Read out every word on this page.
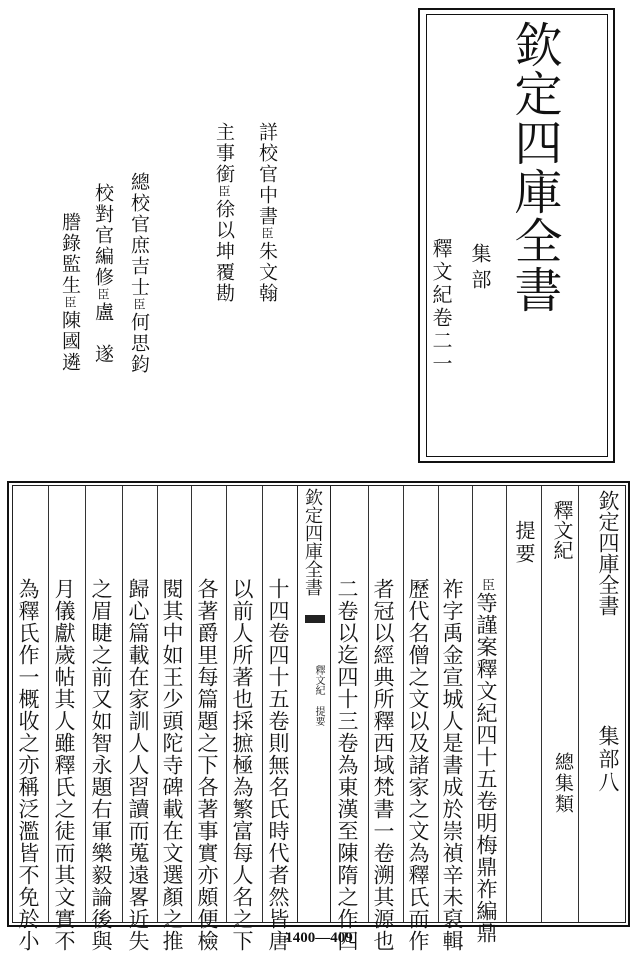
欽定四庫全書
集部
釋文紀卷二一
詳校官中書臣朱文翰
主事銜臣徐以坤覆勘
總校官庶吉士臣何思鈞
校對官編修臣盧　遂
謄錄監生臣陳國遴
欽定四庫全書
釋文紀 提要
欽定四庫全書
集部八
總集類
釋文紀
提要
臣等謹案釋文紀四十五卷明梅鼎祚編鼎
祚字禹金宣城人是書成於崇禎辛未裒輯
歷代名僧之文以及諸家之文為釋氏而作
者冠以經典所釋西域梵書一卷溯其源也
二卷以迄四十三卷為東漢至陳隋之作四
十四卷四十五卷則無名氏時代者然皆唐
以前人所著也採摭極為繁富每人名之下
各著爵里每篇題之下各著事實亦頗便檢
閱其中如王少頭陀寺碑載在文選顏之推
歸心篇載在家訓人人習讀而蒐遠畧近失
之眉睫之前又如智永題右軍樂毅論後與
月儀獻歲帖其人雖釋氏之徒而其文實不
為釋氏作一概收之亦稱泛濫皆不免於小	1400—409
